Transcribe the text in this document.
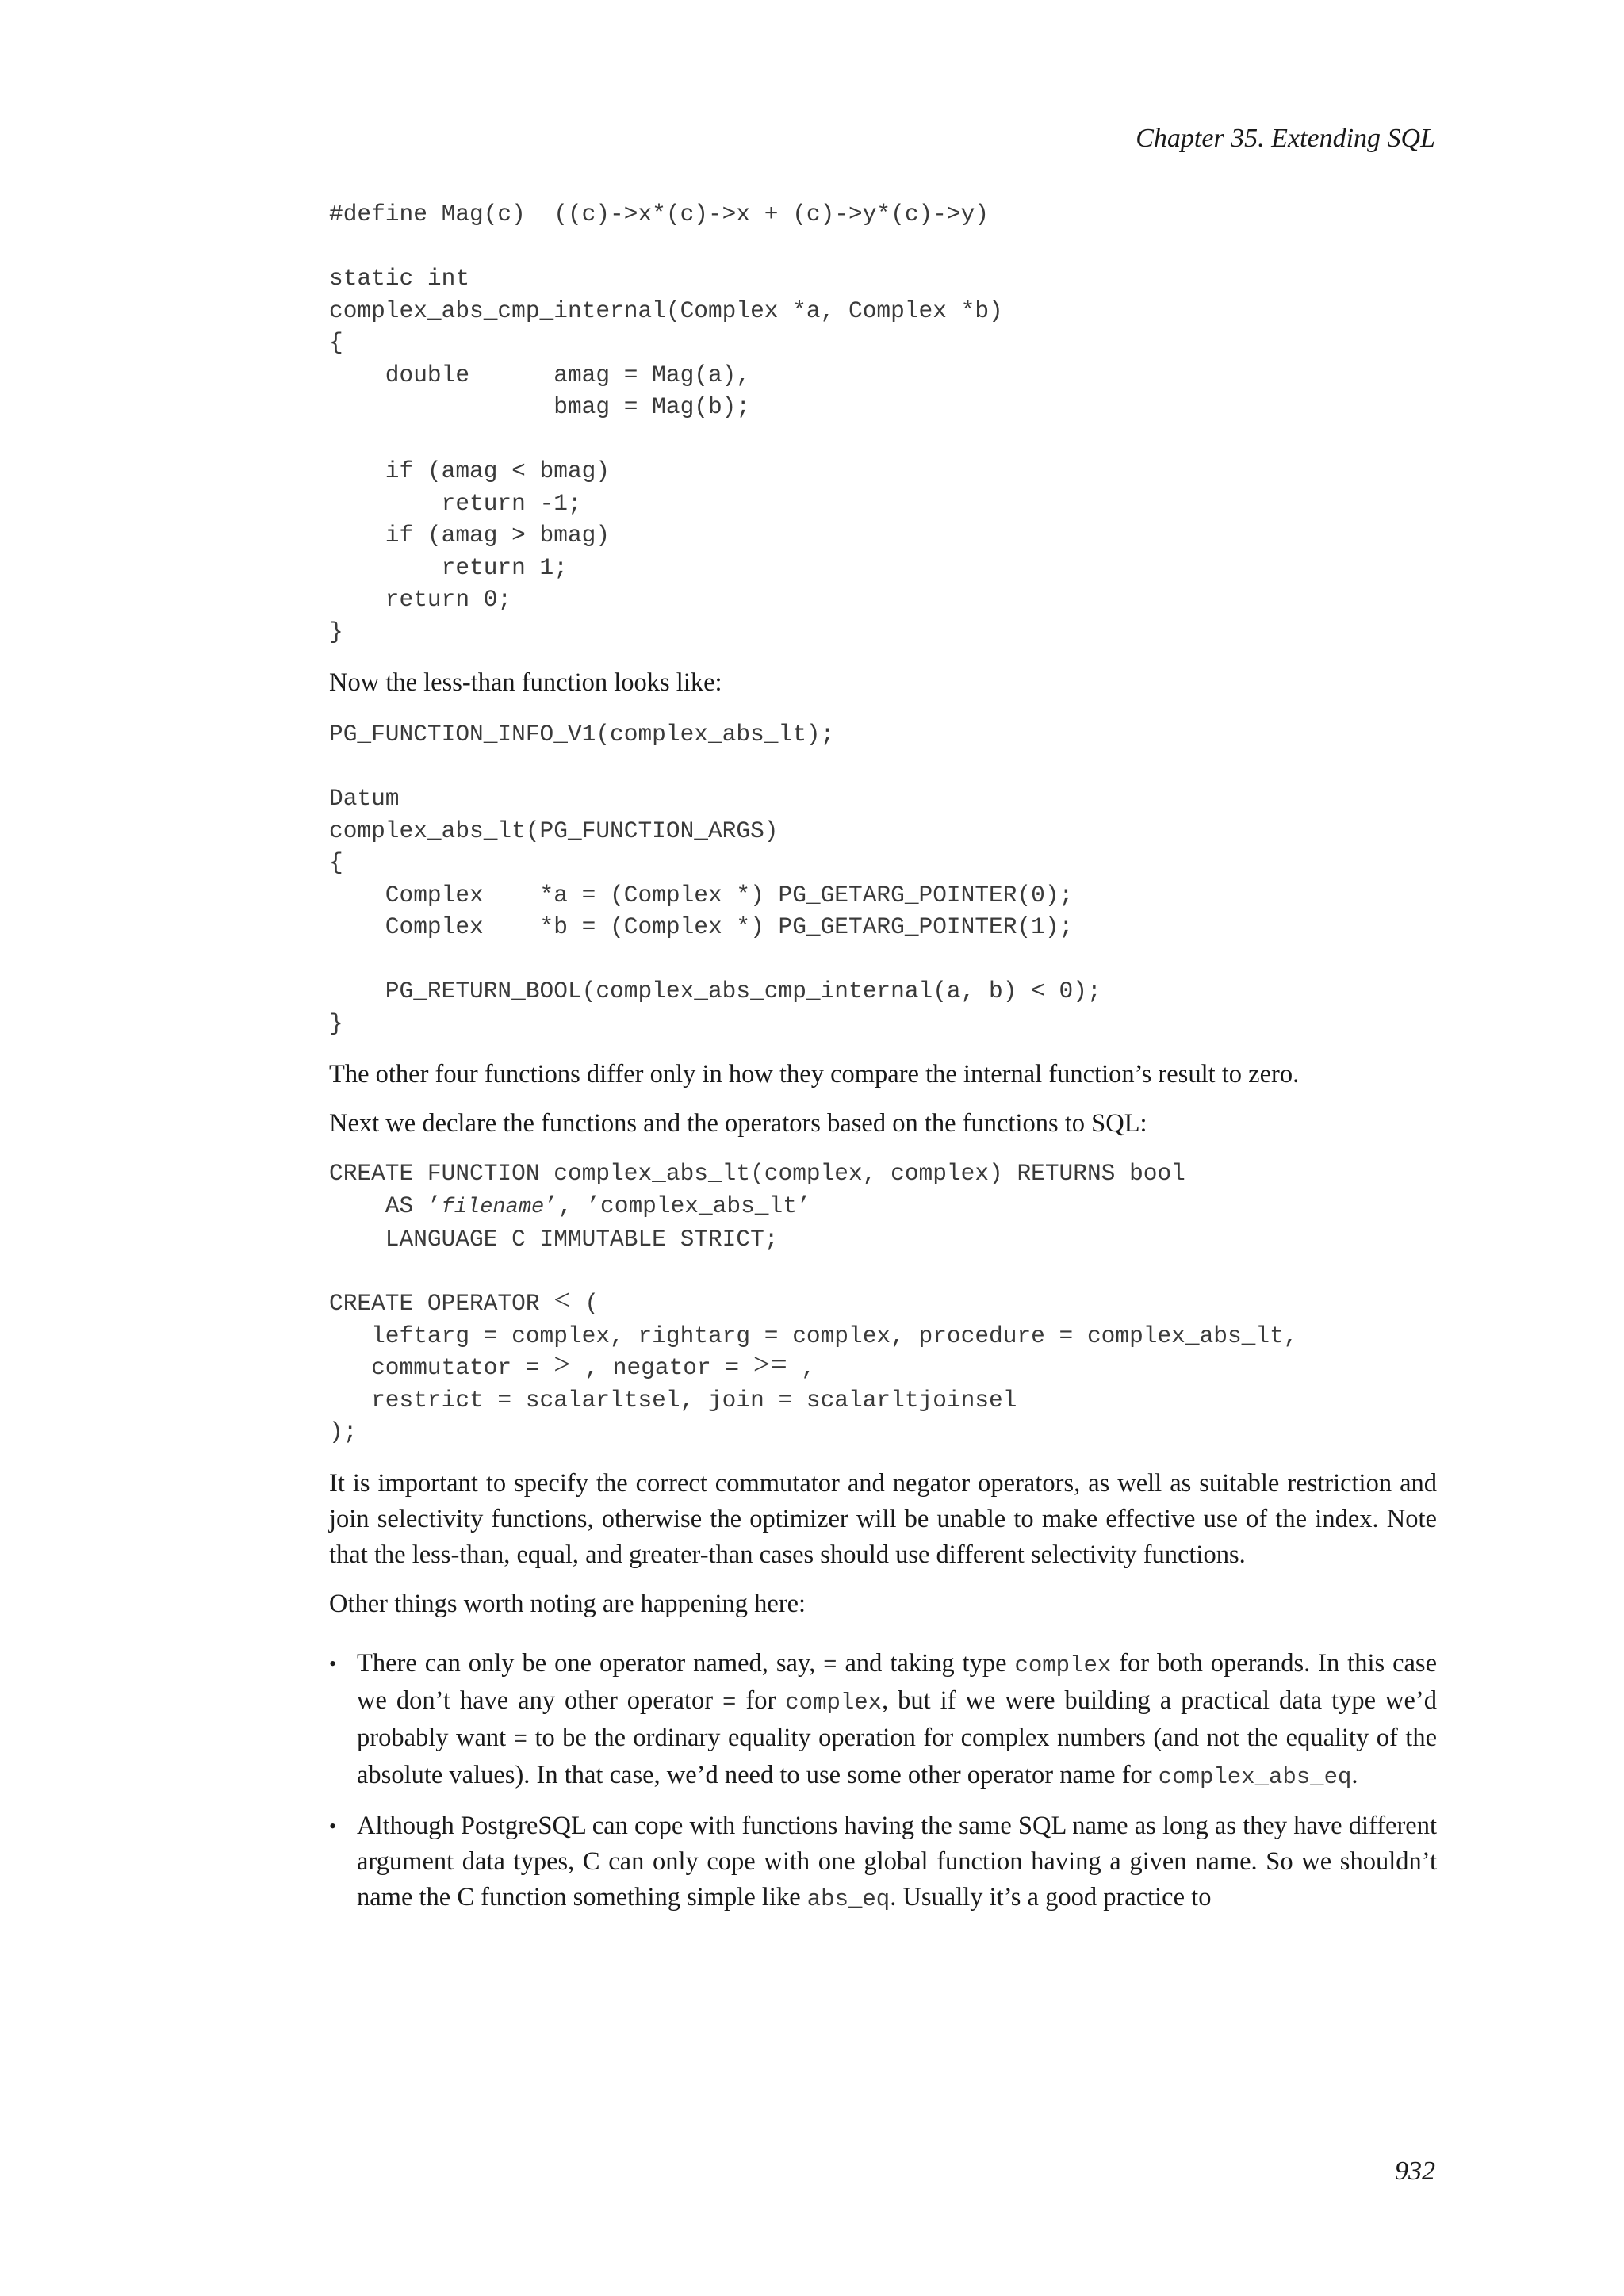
Chapter 35. Extending SQL
#define Mag(c)  ((c)->x*(c)->x + (c)->y*(c)->y)

static int
complex_abs_cmp_internal(Complex *a, Complex *b)
{
double      amag = Mag(a),
bmag = Mag(b);

if (amag < bmag)
return -1;
if (amag > bmag)
return 1;
return 0;
}

Now the less-than function looks like:

PG_FUNCTION_INFO_V1(complex_abs_lt);

Datum
complex_abs_lt(PG_FUNCTION_ARGS)
{
Complex    *a = (Complex *) PG_GETARG_POINTER(0);
Complex    *b = (Complex *) PG_GETARG_POINTER(1);

PG_RETURN_BOOL(complex_abs_cmp_internal(a, b) < 0);
}

The other four functions differ only in how they compare the internal function’s result to zero.

Next we declare the functions and the operators based on the functions to SQL:

CREATE FUNCTION complex_abs_lt(complex, complex) RETURNS bool
AS ’filename’, ’complex_abs_lt’
LANGUAGE C IMMUTABLE STRICT;

CREATE OPERATOR < (
leftarg = complex, rightarg = complex, procedure = complex_abs_lt,
commutator = > , negator = >= ,
restrict = scalarltsel, join = scalarltjoinsel
);

It is important to specify the correct commutator and negator operators, as well as suitable restriction and join selectivity functions, otherwise the optimizer will be unable to make effective use of the index. Note that the less-than, equal, and greater-than cases should use different selectivity functions.

Other things worth noting are happening here:

• There can only be one operator named, say, = and taking type complex for both operands. In this case we don’t have any other operator = for complex, but if we were building a practical data type we’d probably want = to be the ordinary equality operation for complex numbers (and not the equality of the absolute values). In that case, we’d need to use some other operator name for complex_abs_eq.
• Although PostgreSQL can cope with functions having the same SQL name as long as they have different argument data types, C can only cope with one global function having a given name. So we shouldn’t name the C function something simple like abs_eq. Usually it’s a good practice to
932
